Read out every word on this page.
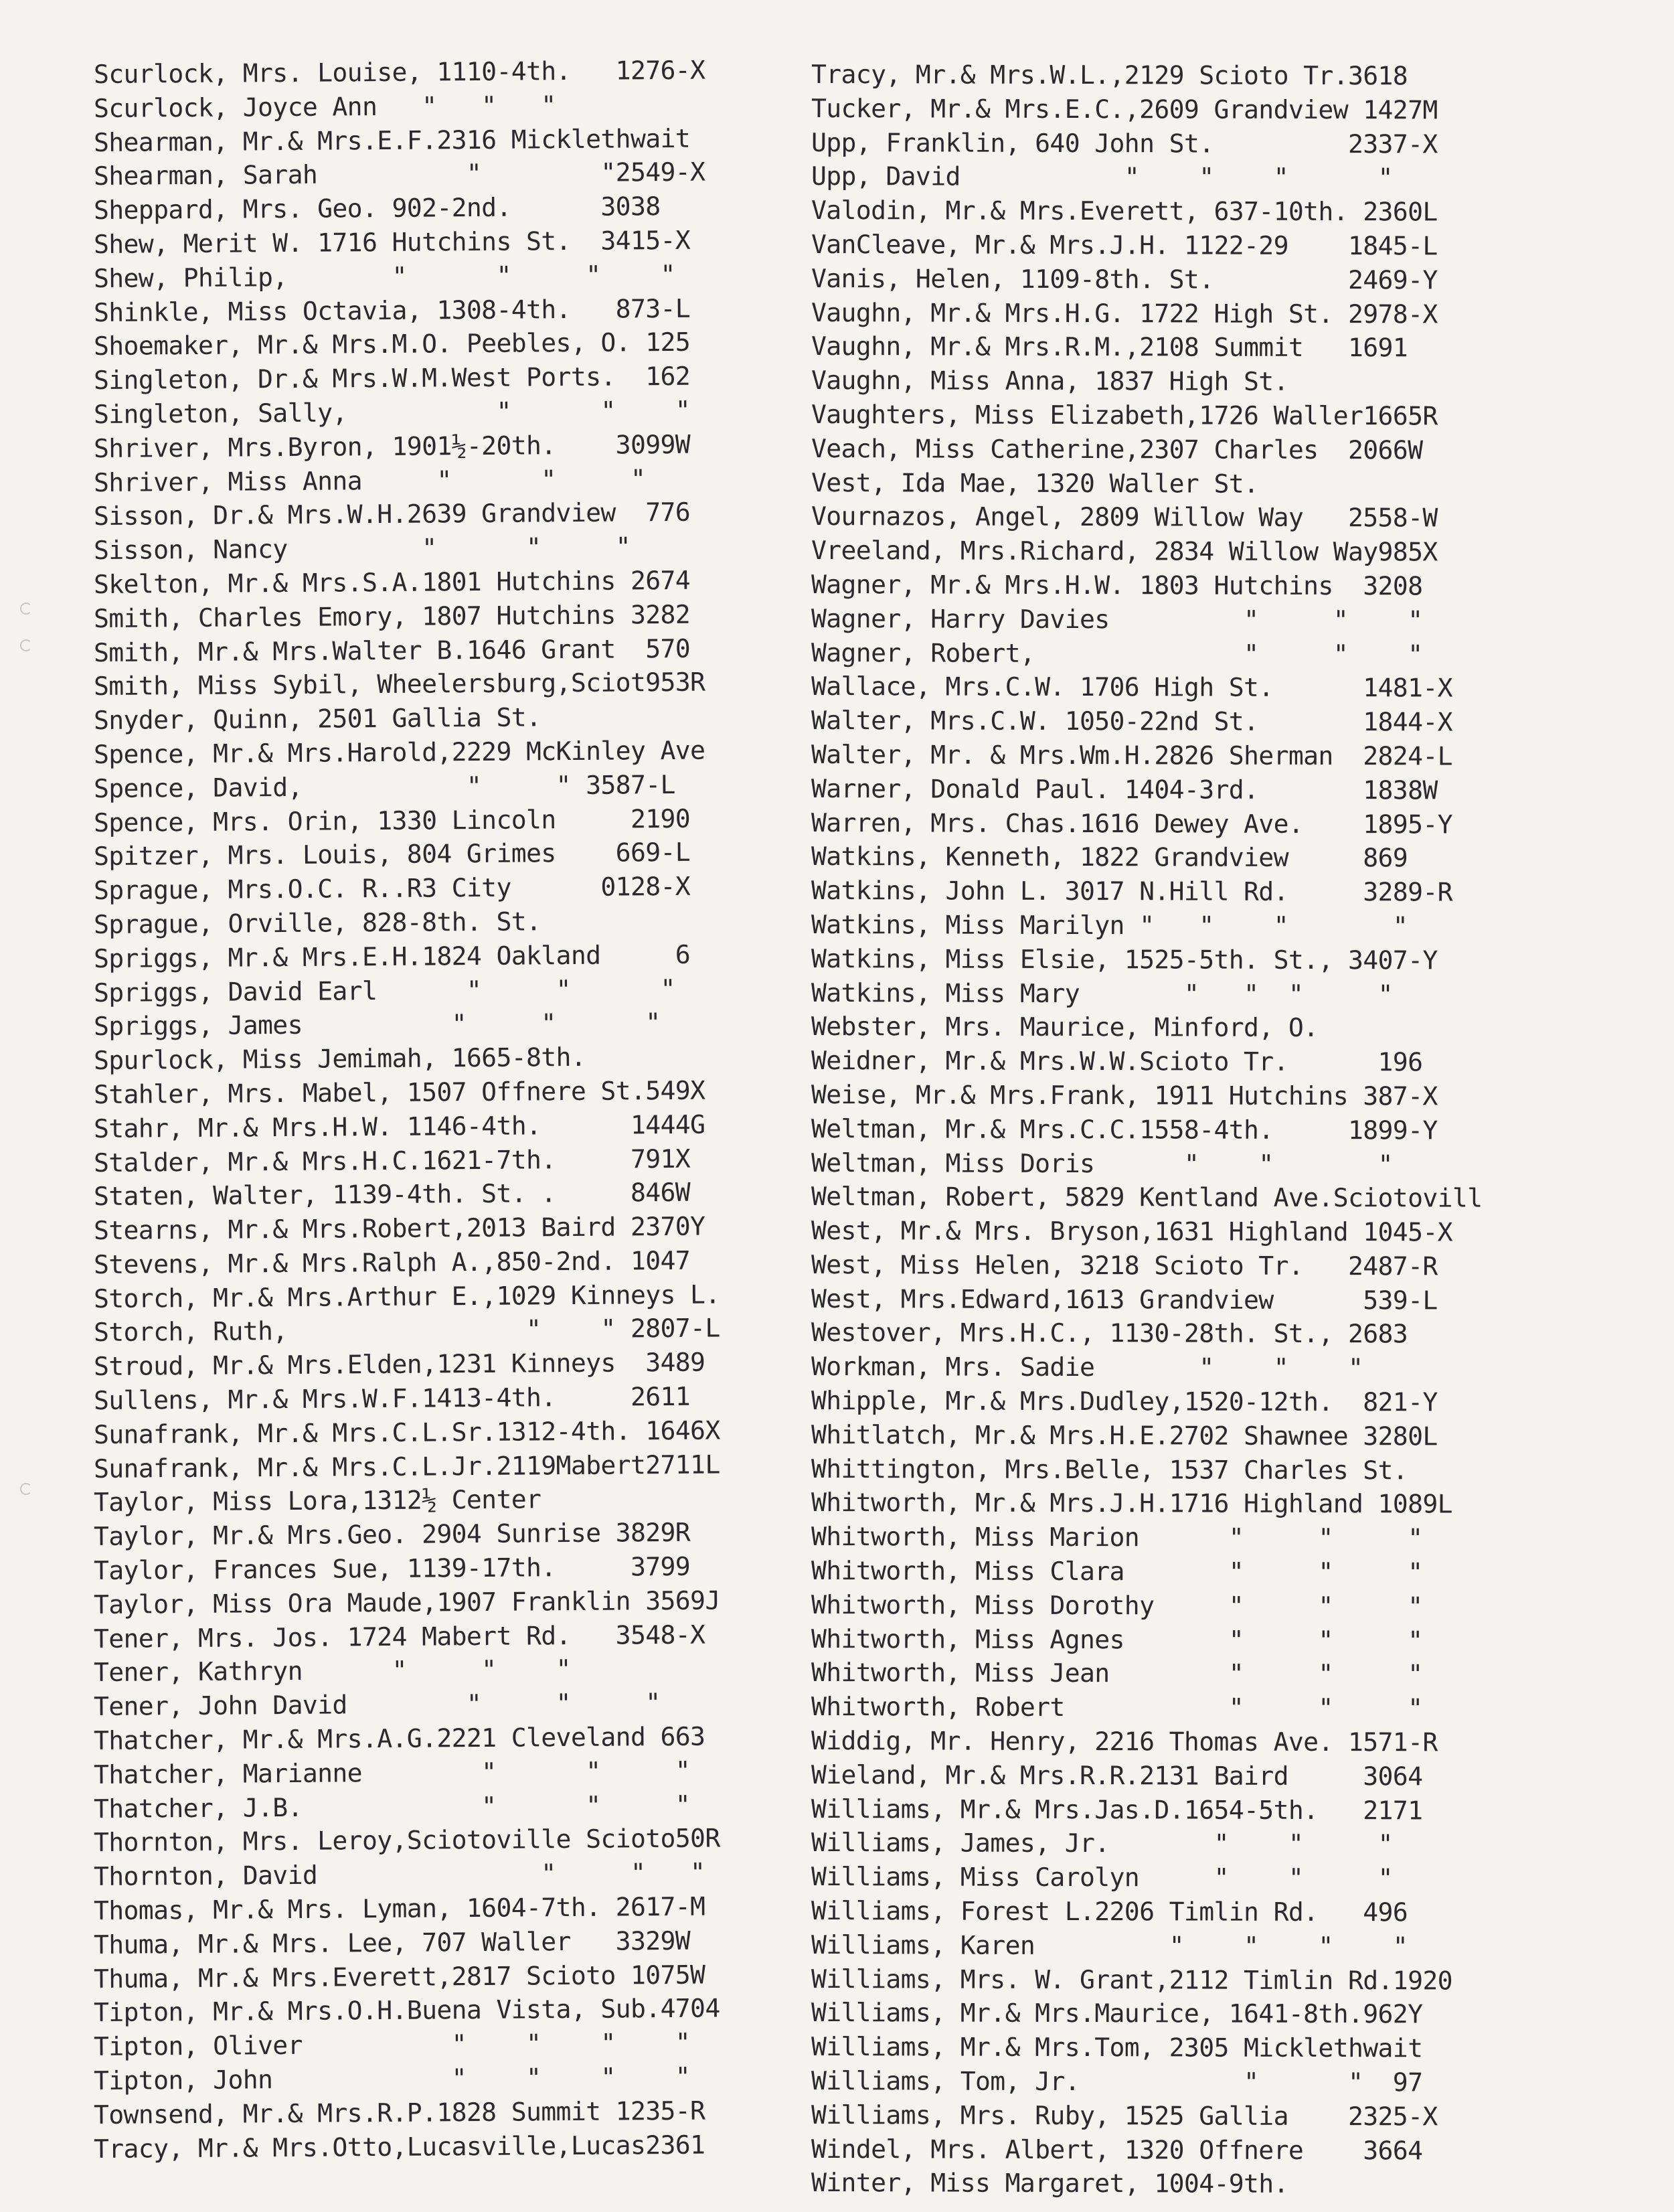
Scurlock, Mrs. Louise, 1110-4th.   1276-X
Scurlock, Joyce Ann   "   "   "
Shearman, Mr.& Mrs.E.F.2316 Micklethwait
Shearman, Sarah          "        "2549-X
Sheppard, Mrs. Geo. 902-2nd.      3038
Shew, Merit W. 1716 Hutchins St.  3415-X
Shew, Philip,       "      "     "    "
Shinkle, Miss Octavia, 1308-4th.   873-L
Shoemaker, Mr.& Mrs.M.O. Peebles, O. 125
Singleton, Dr.& Mrs.W.M.West Ports.  162
Singleton, Sally,          "      "    "
Shriver, Mrs.Byron, 1901½-20th.    3099W
Shriver, Miss Anna     "      "     "
Sisson, Dr.& Mrs.W.H.2639 Grandview  776
Sisson, Nancy         "      "     "
Skelton, Mr.& Mrs.S.A.1801 Hutchins 2674
Smith, Charles Emory, 1807 Hutchins 3282
Smith, Mr.& Mrs.Walter B.1646 Grant  570
Smith, Miss Sybil, Wheelersburg,Sciot953R
Snyder, Quinn, 2501 Gallia St.
Spence, Mr.& Mrs.Harold,2229 McKinley Ave
Spence, David,           "     " 3587-L
Spence, Mrs. Orin, 1330 Lincoln     2190
Spitzer, Mrs. Louis, 804 Grimes    669-L
Sprague, Mrs.O.C. R..R3 City      0128-X
Sprague, Orville, 828-8th. St.
Spriggs, Mr.& Mrs.E.H.1824 Oakland     6
Spriggs, David Earl      "     "      "
Spriggs, James          "     "      "
Spurlock, Miss Jemimah, 1665-8th.
Stahler, Mrs. Mabel, 1507 Offnere St.549X
Stahr, Mr.& Mrs.H.W. 1146-4th.      1444G
Stalder, Mr.& Mrs.H.C.1621-7th.     791X
Staten, Walter, 1139-4th. St. .     846W
Stearns, Mr.& Mrs.Robert,2013 Baird 2370Y
Stevens, Mr.& Mrs.Ralph A.,850-2nd. 1047
Storch, Mr.& Mrs.Arthur E.,1029 Kinneys L.
Storch, Ruth,                "    " 2807-L
Stroud, Mr.& Mrs.Elden,1231 Kinneys  3489
Sullens, Mr.& Mrs.W.F.1413-4th.     2611
Sunafrank, Mr.& Mrs.C.L.Sr.1312-4th. 1646X
Sunafrank, Mr.& Mrs.C.L.Jr.2119Mabert2711L
Taylor, Miss Lora,1312½ Center
Taylor, Mr.& Mrs.Geo. 2904 Sunrise 3829R
Taylor, Frances Sue, 1139-17th.     3799
Taylor, Miss Ora Maude,1907 Franklin 3569J
Tener, Mrs. Jos. 1724 Mabert Rd.   3548-X
Tener, Kathryn      "     "    "
Tener, John David        "     "     "
Thatcher, Mr.& Mrs.A.G.2221 Cleveland 663
Thatcher, Marianne        "      "     "
Thatcher, J.B.            "      "     "
Thornton, Mrs. Leroy,Sciotoville Scioto50R
Thornton, David               "     "   "
Thomas, Mr.& Mrs. Lyman, 1604-7th. 2617-M
Thuma, Mr.& Mrs. Lee, 707 Waller   3329W
Thuma, Mr.& Mrs.Everett,2817 Scioto 1075W
Tipton, Mr.& Mrs.O.H.Buena Vista, Sub.4704
Tipton, Oliver          "    "    "    "
Tipton, John            "    "    "    "
Townsend, Mr.& Mrs.R.P.1828 Summit 1235-R
Tracy, Mr.& Mrs.Otto,Lucasville,Lucas2361
Tracy, Mr.& Mrs.W.L.,2129 Scioto Tr.3618
Tucker, Mr.& Mrs.E.C.,2609 Grandview 1427M
Upp, Franklin, 640 John St.         2337-X
Upp, David           "    "    "      "
Valodin, Mr.& Mrs.Everett, 637-10th. 2360L
VanCleave, Mr.& Mrs.J.H. 1122-29    1845-L
Vanis, Helen, 1109-8th. St.         2469-Y
Vaughn, Mr.& Mrs.H.G. 1722 High St. 2978-X
Vaughn, Mr.& Mrs.R.M.,2108 Summit   1691
Vaughn, Miss Anna, 1837 High St.
Vaughters, Miss Elizabeth,1726 Waller1665R
Veach, Miss Catherine,2307 Charles  2066W
Vest, Ida Mae, 1320 Waller St.
Vournazos, Angel, 2809 Willow Way   2558-W
Vreeland, Mrs.Richard, 2834 Willow Way985X
Wagner, Mr.& Mrs.H.W. 1803 Hutchins  3208
Wagner, Harry Davies         "     "    "
Wagner, Robert,              "     "    "
Wallace, Mrs.C.W. 1706 High St.      1481-X
Walter, Mrs.C.W. 1050-22nd St.       1844-X
Walter, Mr. & Mrs.Wm.H.2826 Sherman  2824-L
Warner, Donald Paul. 1404-3rd.       1838W
Warren, Mrs. Chas.1616 Dewey Ave.    1895-Y
Watkins, Kenneth, 1822 Grandview     869
Watkins, John L. 3017 N.Hill Rd.     3289-R
Watkins, Miss Marilyn "   "    "       "
Watkins, Miss Elsie, 1525-5th. St., 3407-Y
Watkins, Miss Mary       "   "  "     "
Webster, Mrs. Maurice, Minford, O.
Weidner, Mr.& Mrs.W.W.Scioto Tr.      196
Weise, Mr.& Mrs.Frank, 1911 Hutchins 387-X
Weltman, Mr.& Mrs.C.C.1558-4th.     1899-Y
Weltman, Miss Doris      "    "       "
Weltman, Robert, 5829 Kentland Ave.Sciotovill
West, Mr.& Mrs. Bryson,1631 Highland 1045-X
West, Miss Helen, 3218 Scioto Tr.   2487-R
West, Mrs.Edward,1613 Grandview      539-L
Westover, Mrs.H.C., 1130-28th. St., 2683
Workman, Mrs. Sadie       "    "    "
Whipple, Mr.& Mrs.Dudley,1520-12th.  821-Y
Whitlatch, Mr.& Mrs.H.E.2702 Shawnee 3280L
Whittington, Mrs.Belle, 1537 Charles St.
Whitworth, Mr.& Mrs.J.H.1716 Highland 1089L
Whitworth, Miss Marion      "     "     "
Whitworth, Miss Clara       "     "     "
Whitworth, Miss Dorothy     "     "     "
Whitworth, Miss Agnes       "     "     "
Whitworth, Miss Jean        "     "     "
Whitworth, Robert           "     "     "
Widdig, Mr. Henry, 2216 Thomas Ave. 1571-R
Wieland, Mr.& Mrs.R.R.2131 Baird     3064
Williams, Mr.& Mrs.Jas.D.1654-5th.   2171
Williams, James, Jr.       "    "     "
Williams, Miss Carolyn     "    "     "
Williams, Forest L.2206 Timlin Rd.   496
Williams, Karen         "    "    "    "
Williams, Mrs. W. Grant,2112 Timlin Rd.1920
Williams, Mr.& Mrs.Maurice, 1641-8th.962Y
Williams, Mr.& Mrs.Tom, 2305 Micklethwait
Williams, Tom, Jr.           "      "  97
Williams, Mrs. Ruby, 1525 Gallia    2325-X
Windel, Mrs. Albert, 1320 Offnere    3664
Winter, Miss Margaret, 1004-9th.
